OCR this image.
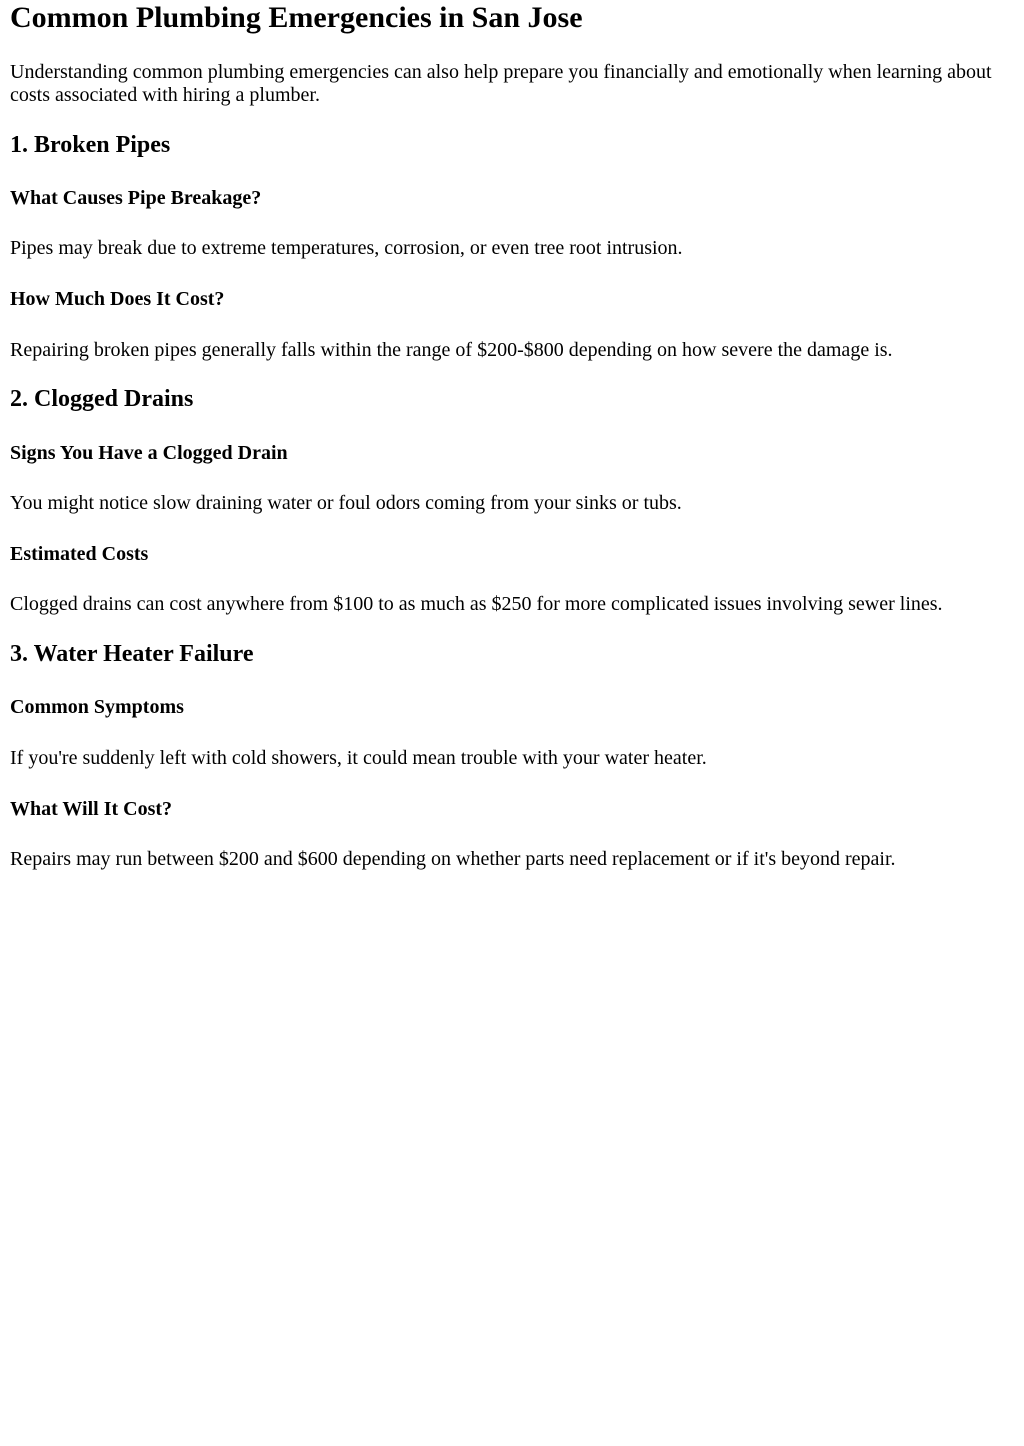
Common Plumbing Emergencies in San Jose

Understanding common plumbing emergencies can also help prepare you financially and emotionally when learning about costs associated with hiring a plumber.

1. Broken Pipes
What Causes Pipe Breakage?

Pipes may break due to extreme temperatures, corrosion, or even tree root intrusion.

How Much Does It Cost?

Repairing broken pipes generally falls within the range of $200-$800 depending on how severe the damage is.

2. Clogged Drains
Signs You Have a Clogged Drain

You might notice slow draining water or foul odors coming from your sinks or tubs.

Estimated Costs

Clogged drains can cost anywhere from $100 to as much as $250 for more complicated issues involving sewer lines.

3. Water Heater Failure
Common Symptoms

If you're suddenly left with cold showers, it could mean trouble with your water heater.

What Will It Cost?

Repairs may run between $200 and $600 depending on whether parts need replacement or if it's beyond repair.
